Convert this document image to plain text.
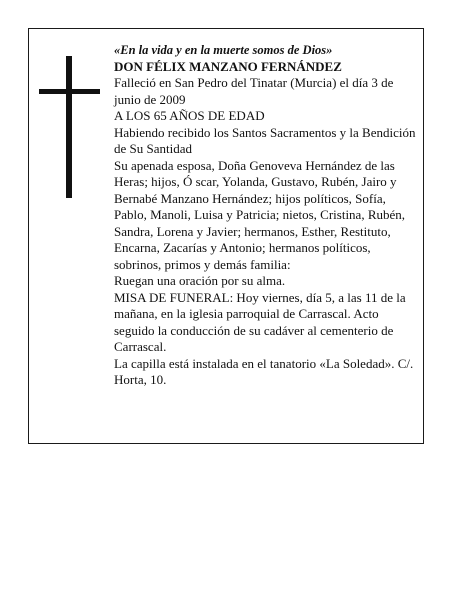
«En la vida y en la muerte somos de Dios»

DON FÉLIX MANZANO FERNÁNDEZ

Falleció en San Pedro del Tinatar (Murcia) el día 3 de junio de 2009

A LOS 65 AÑOS DE EDAD

Habiendo recibido los Santos Sacramentos y la Bendición de Su Santidad

Su apenada esposa, Doña Genoveva Hernández de las Heras; hijos, Ó scar, Yolanda, Gustavo, Rubén, Jairo y Bernabé Manzano Hernández; hijos políticos, Sofía, Pablo, Manoli, Luisa y Patricia; nietos, Cristina, Rubén, Sandra, Lorena y Javier; hermanos, Esther, Restituto, Encarna, Zacarías y Antonio; hermanos políticos, sobrinos, primos y demás familia:

Ruegan una oración por su alma.

MISA DE FUNERAL: Hoy viernes, día 5, a las 11 de la mañana, en la iglesia parroquial de Carrascal. Acto seguido la conducción de su cadáver al cementerio de Carrascal.

La capilla está instalada en el tanatorio «La Soledad». C/. Horta, 10.
